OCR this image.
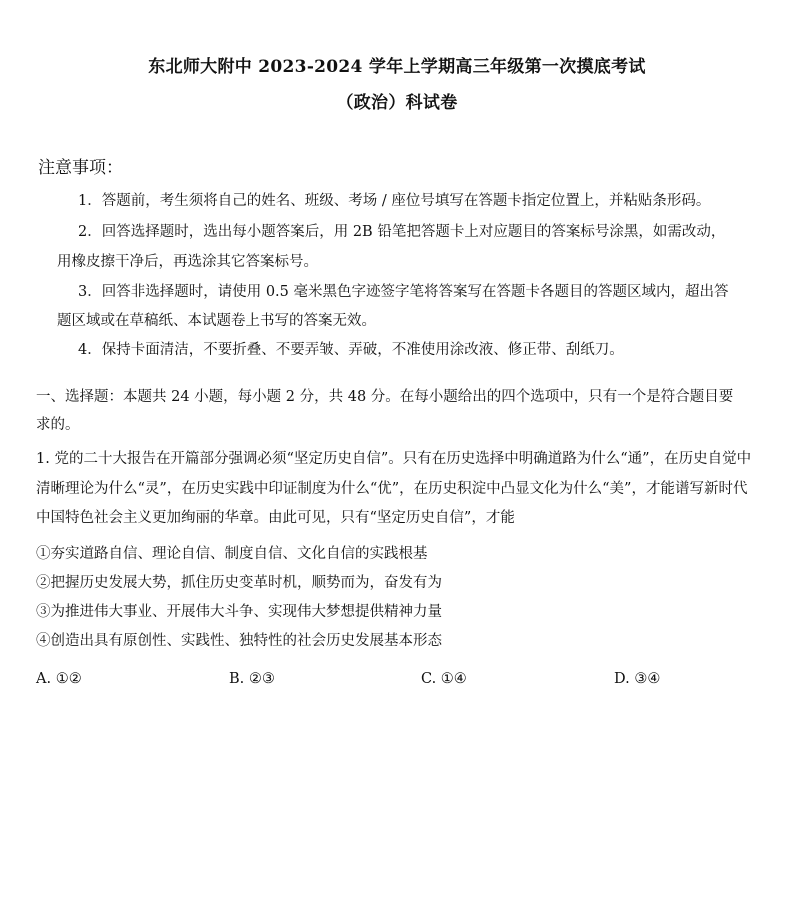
东北师大附中 2023-2024 学年上学期高三年级第一次摸底考试
（政治）科试卷
注意事项：
1．答题前，考生须将自己的姓名、班级、考场 / 座位号填写在答题卡指定位置上，并粘贴条形码。
2．回答选择题时，选出每小题答案后，用 2B 铅笔把答题卡上对应题目的答案标号涂黑，如需改动，
用橡皮擦干净后，再选涂其它答案标号。
3．回答非选择题时，请使用 0.5 毫米黑色字迹签字笔将答案写在答题卡各题目的答题区域内，超出答
题区域或在草稿纸、本试题卷上书写的答案无效。
4．保持卡面清洁，不要折叠、不要弄皱、弄破，不准使用涂改液、修正带、刮纸刀。
一、选择题：本题共 24 小题，每小题 2 分，共 48 分。在每小题给出的四个选项中，只有一个是符合题目要
求的。
1. 党的二十大报告在开篇部分强调必须“坚定历史自信”。只有在历史选择中明确道路为什么“通”，在历史自觉中
清晰理论为什么“灵”，在历史实践中印证制度为什么“优”，在历史积淀中凸显文化为什么“美”，才能谱写新时代
中国特色社会主义更加绚丽的华章。由此可见，只有“坚定历史自信”，才能
①夯实道路自信、理论自信、制度自信、文化自信的实践根基
②把握历史发展大势，抓住历史变革时机，顺势而为，奋发有为
③为推进伟大事业、开展伟大斗争、实现伟大梦想提供精神力量
④创造出具有原创性、实践性、独特性的社会历史发展基本形态
A. ①②	B. ②③	C. ①④	D. ③④
